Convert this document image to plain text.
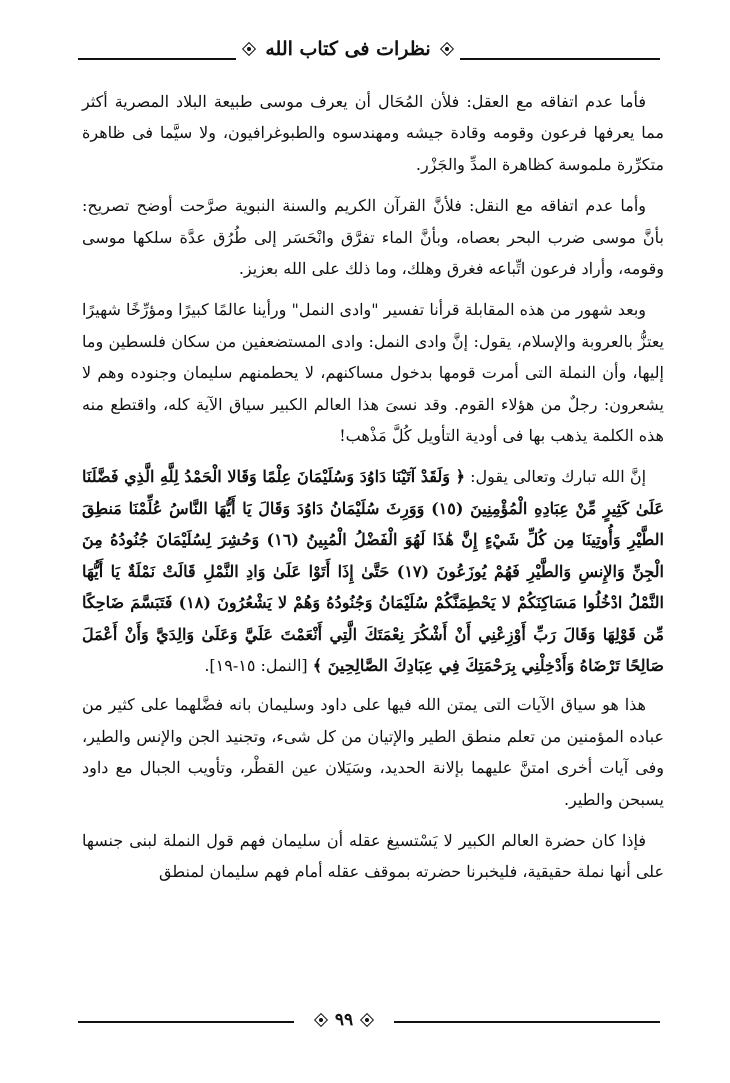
نظرات فى كتاب الله

فأما عدم اتفاقه مع العقل: فلأن المُحَال أن يعرف موسى طبيعة البلاد المصرية أكثر مما يعرفها فرعون وقومه وقادة جيشه ومهندسوه والطبوغرافيون، ولا سيَّما فى ظاهرة متكرِّرة ملموسة كظاهرة المدِّ والجَزْر.

وأما عدم اتفاقه مع النقل: فلأنَّ القرآن الكريم والسنة النبوية صرَّحت أوضح تصريح: بأنَّ موسى ضرب البحر بعصاه، وبأنَّ الماء تفرَّق وانْحَسَر إلى طُرُق عدَّة سلكها موسى وقومه، وأراد فرعون اتِّباعه فغرق وهلك، وما ذلك على الله بعزيز.

وبعد شهور من هذه المقابلة قرأنا تفسير "وادى النمل" ورأينا عالمًا كبيرًا ومؤرِّخًا شهيرًا يعتزُّ بالعروبة والإسلام، يقول: إنَّ وادى النمل: وادى المستضعفين من سكان فلسطين وما إليها، وأن النملة التى أمرت قومها بدخول مساكنهم، لا يحطمنهم سليمان وجنوده وهم لا يشعرون: رجلٌ من هؤلاء القوم. وقد نسىَ هذا العالم الكبير سياق الآية كله، واقتطع منه هذه الكلمة يذهب بها فى أودية التأويل كُلَّ مَذْهب!

إنَّ الله تبارك وتعالى يقول: ﴿ وَلَقَدْ آتَيْنَا دَاوُدَ وَسُلَيْمَانَ عِلْمًا وَقَالا الْحَمْدُ لِلَّهِ الَّذِي فَضَّلَنَا عَلَىٰ كَثِيرٍ مِّنْ عِبَادِهِ الْمُؤْمِنِينَ (١٥) وَوَرِثَ سُلَيْمَانُ دَاوُدَ وَقَالَ يَا أَيُّهَا النَّاسُ عُلِّمْنَا مَنطِقَ الطَّيْرِ وَأُوتِينَا مِن كُلِّ شَيْءٍ إِنَّ هَٰذَا لَهُوَ الْفَضْلُ الْمُبِينُ (١٦) وَحُشِرَ لِسُلَيْمَانَ جُنُودُهُ مِنَ الْجِنِّ وَالإِنسِ وَالطَّيْرِ فَهُمْ يُوزَعُونَ (١٧) حَتَّىٰ إِذَا أَتَوْا عَلَىٰ وَادِ النَّمْلِ قَالَتْ نَمْلَةٌ يَا أَيُّهَا النَّمْلُ ادْخُلُوا مَسَاكِنَكُمْ لا يَحْطِمَنَّكُمْ سُلَيْمَانُ وَجُنُودُهُ وَهُمْ لا يَشْعُرُونَ (١٨) فَتَبَسَّمَ ضَاحِكًا مِّن قَوْلِهَا وَقَالَ رَبِّ أَوْزِعْنِي أَنْ أَشْكُرَ نِعْمَتَكَ الَّتِي أَنْعَمْتَ عَلَيَّ وَعَلَىٰ وَالِدَيَّ وَأَنْ أَعْمَلَ صَالِحًا تَرْضَاهُ وَأَدْخِلْنِي بِرَحْمَتِكَ فِي عِبَادِكَ الصَّالِحِينَ ﴾ [النمل: ١٥-١٩].

هذا هو سياق الآيات التى يمتن الله فيها على داود وسليمان بانه فضَّلهما على كثير من عباده المؤمنين من تعلم منطق الطير والإتيان من كل شىء، وتجنيد الجن والإنس والطير، وفى آيات أخرى امتنَّ عليهما بإلانة الحديد، وسَيَلان عين القطْر، وتأويب الجبال مع داود يسبحن والطير.

فإذا كان حضرة العالم الكبير لا يَسْتسيغ عقله أن سليمان فهم قول النملة لبنى جنسها على أنها نملة حقيقية، فليخبرنا حضرته بموقف عقله أمام فهم سليمان لمنطق

٩٩
